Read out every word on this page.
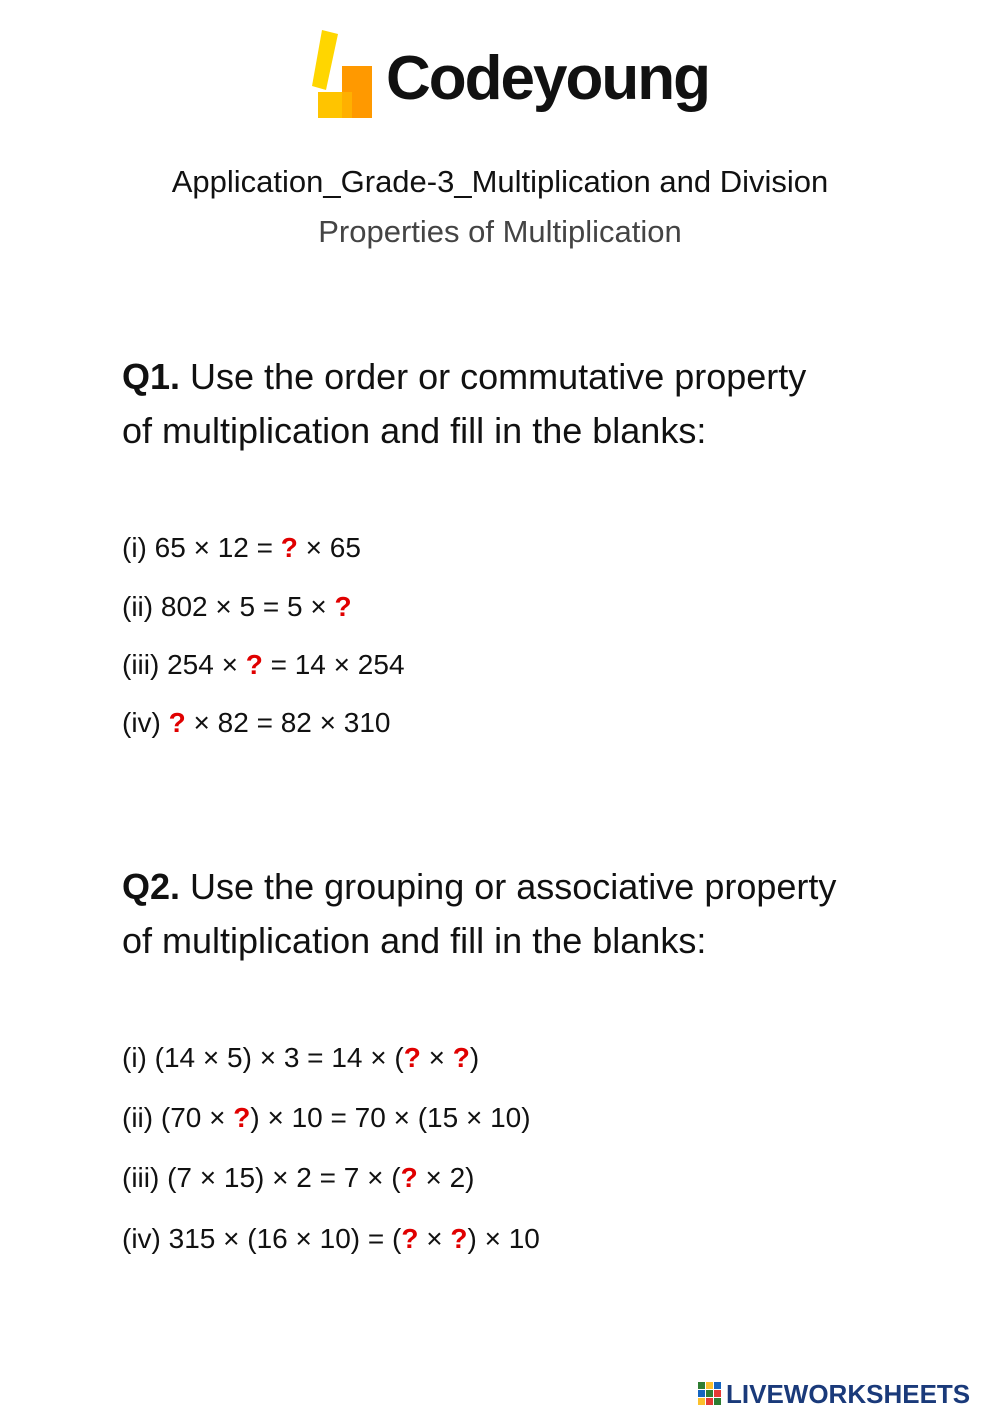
Codeyoung
Application_Grade-3_Multiplication and Division
Properties of Multiplication
Q1. Use the order or commutative property of multiplication and fill in the blanks:
(i) 65 × 12 = ? × 65
(ii) 802 × 5 = 5 × ?
(iii) 254 × ? = 14 × 254
(iv) ? × 82 = 82 × 310
Q2. Use the grouping or associative property of multiplication and fill in the blanks:
(i) (14 × 5) × 3 = 14 × (? × ?)
(ii) (70 × ?) × 10 = 70 × (15 × 10)
(iii) (7 × 15) × 2 = 7 × (? × 2)
(iv) 315 × (16 × 10) = (? × ?) × 10
LIVEWORKSHEETS
